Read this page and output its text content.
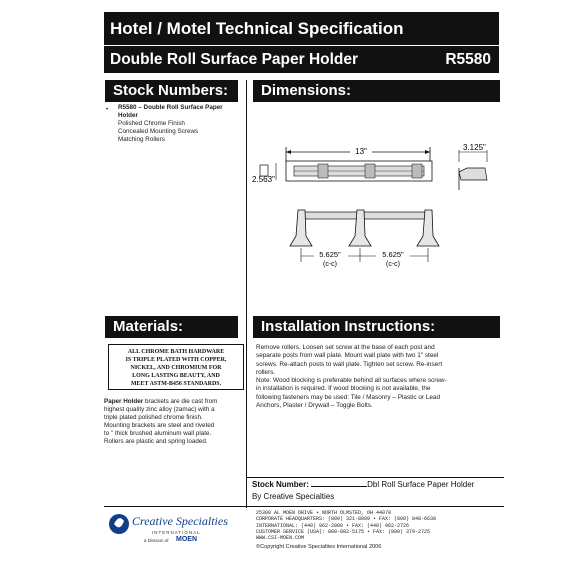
Hotel / Motel Technical Specification
Double Roll Surface Paper Holder	R5580
Stock Numbers:	Dimensions:
Materials:	Installation Instructions:
• R5580 – Double Roll Surface Paper
Holder
Polished Chrome Finish
Concealed Mounting Screws
Matching Rollers
13"
2.563"
3.125"
5.625"
(c-c)
5.625"
(c-c)
ALL CHROME BATH HARDWARE
IS TRIPLE PLATED WITH COPPER,
NICKEL, AND CHROMIUM FOR
LONG LASTING BEAUTY, AND
MEET ASTM-B456 STANDARDS.
Paper Holder brackets are die cast from
highest quality zinc alloy (zamac) with a
triple plated polished chrome finish.
Mounting brackets are steel and riveted
to " thick brushed aluminum wall plate.
Rollers are plastic and spring loaded.
Remove rollers. Loosen set screw at the base of each post and
separate posts from wall plate. Mount wall plate with two 1" steel
screws. Re-attach posts to wall plate. Tighten set screw. Re-insert
rollers.
Note: Wood blocking is preferable behind all surfaces where screw-
in installation is required. If wood blocking is not available, the
following fasteners may be used: Tile / Masonry – Plastic or Lead
Anchors, Plaster / Drywall – Toggle Bolts.
Stock Number:	Dbl Roll Surface Paper Holder
By Creative Specialties
Creative Specialties
INTERNATIONAL
a Division of MOEN
25300 AL MOEN DRIVE • NORTH OLMSTED, OH 44070
CORPORATE HEADQUARTERS: (800) 321-8809 • FAX: (800) 848-6638
INTERNATIONAL: (440) 962-2000 • FAX: (440) 962-2726
CUSTOMER SERVICE (USA): 800-882-5175 • FAX: (800) 379-2725
WWW.CSI-MOEN.COM
©Copyright Creative Specialties International 2006
